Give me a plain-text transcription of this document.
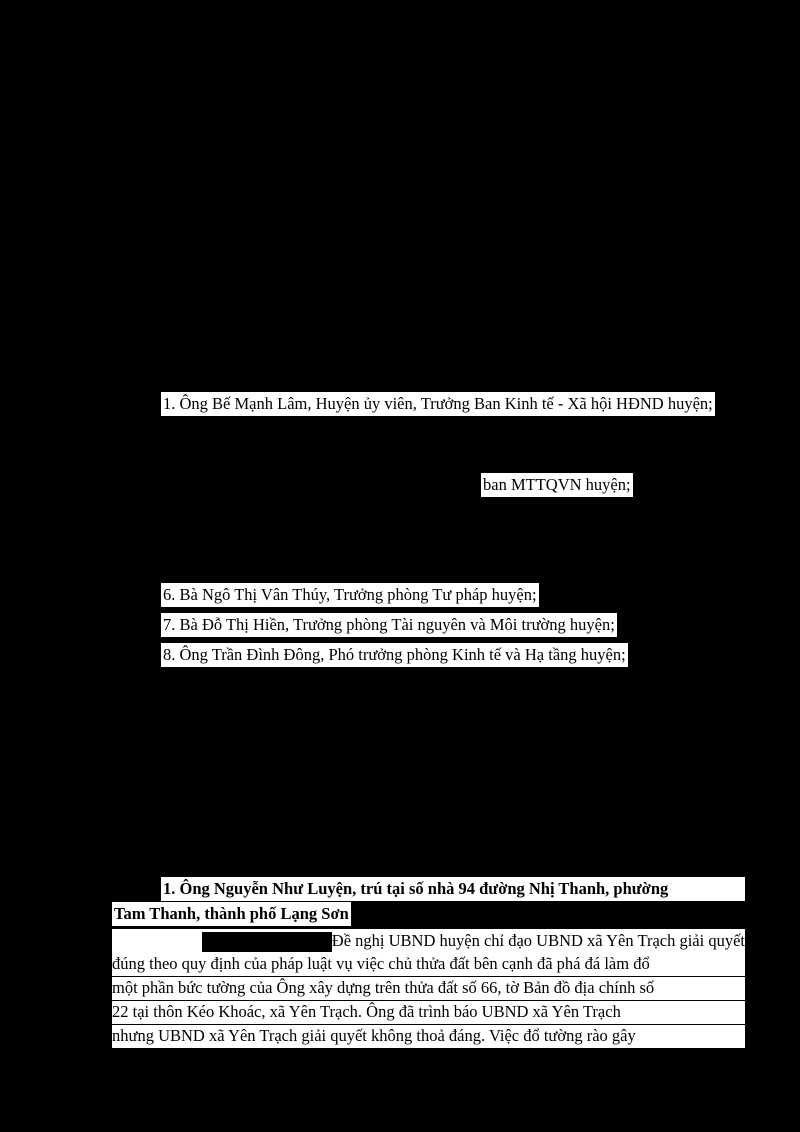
1. Ông Bế Mạnh Lâm, Huyện ủy viên, Trưởng Ban Kinh tế - Xã hội HĐND huyện;
ban MTTQVN huyện;
6. Bà Ngô Thị Vân Thúy, Trưởng phòng Tư pháp huyện;
7. Bà Đỗ Thị Hiền, Trưởng phòng Tài nguyên và Môi trường huyện;
8. Ông Trần Đình Đông, Phó trưởng phòng Kinh tế và Hạ tầng huyện;
1. Ông Nguyễn Như Luyện, trú tại số nhà 94 đường Nhị Thanh, phường
Tam Thanh, thành phố Lạng Sơn
Đề nghị UBND huyện chỉ đạo UBND xã Yên Trạch giải quyết
đúng theo quy định của pháp luật vụ việc chủ thửa đất bên cạnh đã phá đá làm đổ
một phần bức tường của Ông xây dựng trên thửa đất số 66, tờ Bản đồ địa chính số
22 tại thôn Kéo Khoác, xã Yên Trạch. Ông đã trình báo UBND xã Yên Trạch
nhưng UBND xã Yên Trạch giải quyết không thoả đáng. Việc đổ tường rào gây
